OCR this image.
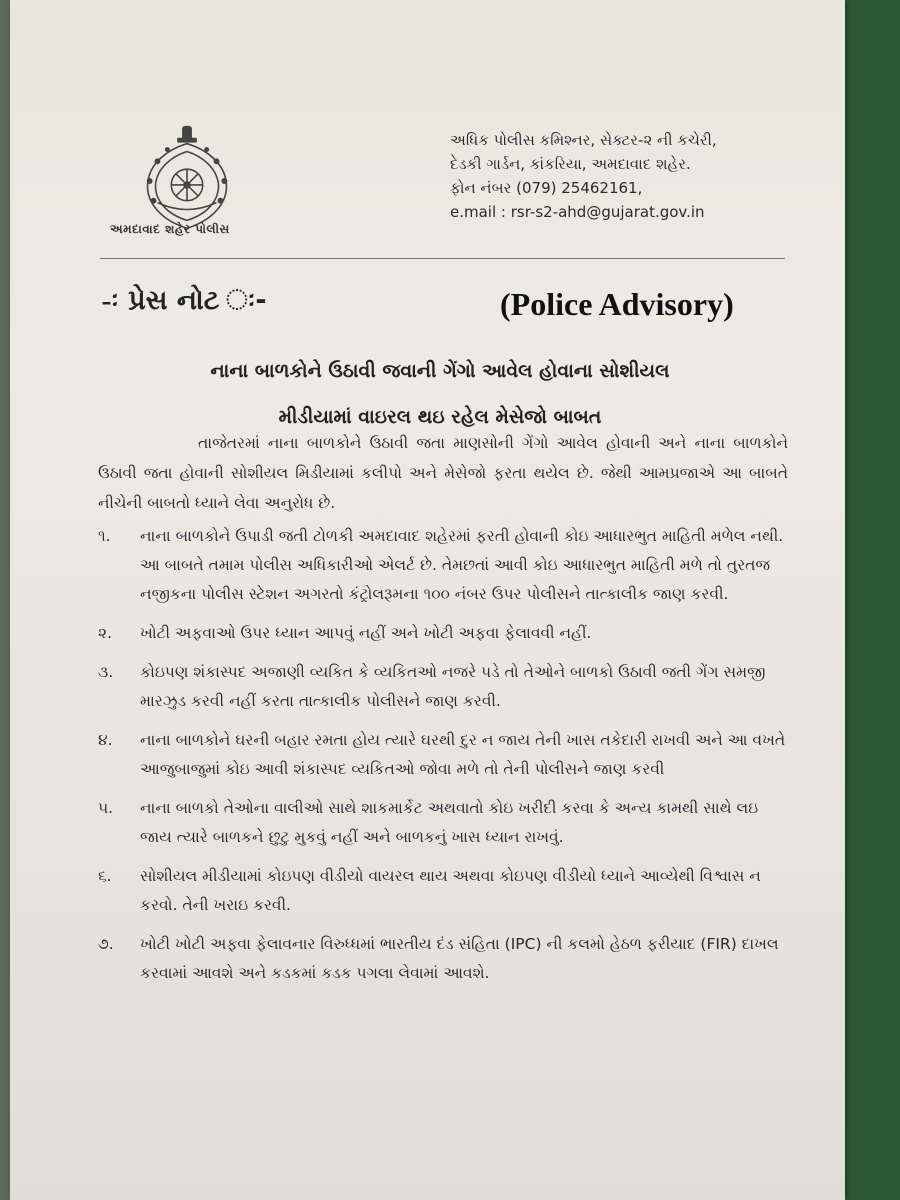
અમદાવાદ શહેર પોલીસ
અધિક પોલીસ કમિશ્નર, સેક્ટર-૨ ની કચેરી,
દેડકી ગાર્ડન, કાંકરિયા, અમદાવાદ શહેર.
ફોન નંબર (079) 25462161,
e.mail : rsr-s2-ahd@gujarat.gov.in
-ઃ પ્રેસ નોટ ઃ-	(Police Advisory)
નાના બાળકોને ઉઠાવી જવાની ગેંગો આવેલ હોવાના સોશીયલ
મીડીયામાં વાઇરલ થઇ રહેલ મેસેજો બાબત

તાજેતરમાં નાના બાળકોને ઉઠાવી જતા માણસોની ગેંગો આવેલ હોવાની અને નાના બાળકોને ઉઠાવી જતા હોવાની સોશીયલ મિડીયામાં કલીપો અને મેસેજો ફરતા થયેલ છે. જેથી આમપ્રજાએ આ બાબતે નીચેની બાબતો ધ્યાને લેવા અનુરોધ છે.

૧.	નાના બાળકોને ઉપાડી જતી ટોળકી અમદાવાદ શહેરમાં ફરતી હોવાની કોઇ આધારભુત માહિતી મળેલ નથી. આ બાબતે તમામ પોલીસ અધિકારીઓ એલર્ટ છે. તેમછતાં આવી કોઇ આધારભુત માહિતી મળે તો તુરતજ નજીકના પોલીસ સ્ટેશન અગરતો કંટ્રોલરૂમના ૧૦૦ નંબર ઉપર પોલીસને તાત્કાલીક જાણ કરવી.
૨.	ખોટી અફવાઓ ઉપર ધ્યાન આપવું નહીં અને ખોટી અફવા ફેલાવવી નહીં.
૩.	કોઇપણ શંકાસ્પદ અજાણી વ્યકિત કે વ્યકિતઓ નજરે પડે તો તેઓને બાળકો ઉઠાવી જતી ગેંગ સમજી મારઝુડ કરવી નહીં કરતા તાત્કાલીક પોલીસને જાણ કરવી.
૪.	નાના બાળકોને ઘરની બહાર રમતા હોય ત્યારે ઘરથી દુર ન જાય તેની ખાસ તકેદારી રાખવી અને આ વખતે આજુબાજુમાં કોઇ આવી શંકાસ્પદ વ્યકિતઓ જોવા મળે તો તેની પોલીસને જાણ કરવી
૫.	નાના બાળકો તેઓના વાલીઓ સાથે શાકમાર્કેટ અથવાતો કોઇ ખરીદી કરવા કે અન્ય કામથી સાથે લઇ જાય ત્યારે બાળકને છુટુ મુકવું નહીં અને બાળકનું ખાસ ધ્યાન રાખવું.
૬.	સોશીયલ મીડીયામાં કોઇપણ વીડીયો વાયરલ થાય અથવા કોઇપણ વીડીયો ધ્યાને આવ્યેથી વિશ્વાસ ન કરવો. તેની ખરાઇ કરવી.
૭.	ખોટી ખોટી અફવા ફેલાવનાર વિરુધ્ધમાં ભારતીય દંડ સંહિતા (IPC) ની કલમો હેઠળ ફરીયાદ (FIR) દાખલ કરવામાં આવશે અને કડકમાં કડક પગલા લેવામાં આવશે.
